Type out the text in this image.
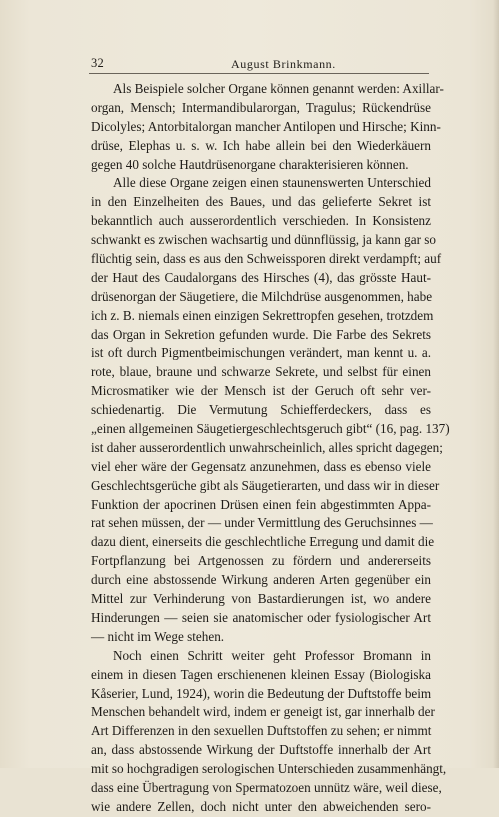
32	August Brinkmann.
Als Beispiele solcher Organe können genannt werden: Axillar-
organ, Mensch; Intermandibularorgan, Tragulus; Rückendrüse
Dicolyles; Antorbitalorgan mancher Antilopen und Hirsche; Kinn-
drüse, Elephas u. s. w. Ich habe allein bei den Wiederkäuern
gegen 40 solche Hautdrüsenorgane charakterisieren können.
Alle diese Organe zeigen einen staunenswerten Unterschied
in den Einzelheiten des Baues, und das gelieferte Sekret ist
bekanntlich auch ausserordentlich verschieden. In Konsistenz
schwankt es zwischen wachsartig und dünnflüssig, ja kann gar so
flüchtig sein, dass es aus den Schweissporen direkt verdampft; auf
der Haut des Caudalorgans des Hirsches (4), das grösste Haut-
drüsenorgan der Säugetiere, die Milchdrüse ausgenommen, habe
ich z. B. niemals einen einzigen Sekrettropfen gesehen, trotzdem
das Organ in Sekretion gefunden wurde. Die Farbe des Sekrets
ist oft durch Pigmentbeimischungen verändert, man kennt u. a.
rote, blaue, braune und schwarze Sekrete, und selbst für einen
Microsmatiker wie der Mensch ist der Geruch oft sehr ver-
schiedenartig. Die Vermutung Schiefferdeckers, dass es
„einen allgemeinen Säugetiergeschlechtsgeruch gibt“ (16, pag. 137)
ist daher ausserordentlich unwahrscheinlich, alles spricht dagegen;
viel eher wäre der Gegensatz anzunehmen, dass es ebenso viele
Geschlechtsgerüche gibt als Säugetierarten, und dass wir in dieser
Funktion der apocrinen Drüsen einen fein abgestimmten Appa-
rat sehen müssen, der — under Vermittlung des Geruchsinnes —
dazu dient, einerseits die geschlechtliche Erregung und damit die
Fortpflanzung bei Artgenossen zu fördern und andererseits
durch eine abstossende Wirkung anderen Arten gegenüber ein
Mittel zur Verhinderung von Bastardierungen ist, wo andere
Hinderungen — seien sie anatomischer oder fysiologischer Art
— nicht im Wege stehen.
Noch einen Schritt weiter geht Professor Bromann in
einem in diesen Tagen erschienenen kleinen Essay (Biologiska
Kåserier, Lund, 1924), worin die Bedeutung der Duftstoffe beim
Menschen behandelt wird, indem er geneigt ist, gar innerhalb der
Art Differenzen in den sexuellen Duftstoffen zu sehen; er nimmt
an, dass abstossende Wirkung der Duftstoffe innerhalb der Art
mit so hochgradigen serologischen Unterschieden zusammenhängt,
dass eine Übertragung von Spermatozoen unnütz wäre, weil diese,
wie andere Zellen, doch nicht unter den abweichenden sero-
